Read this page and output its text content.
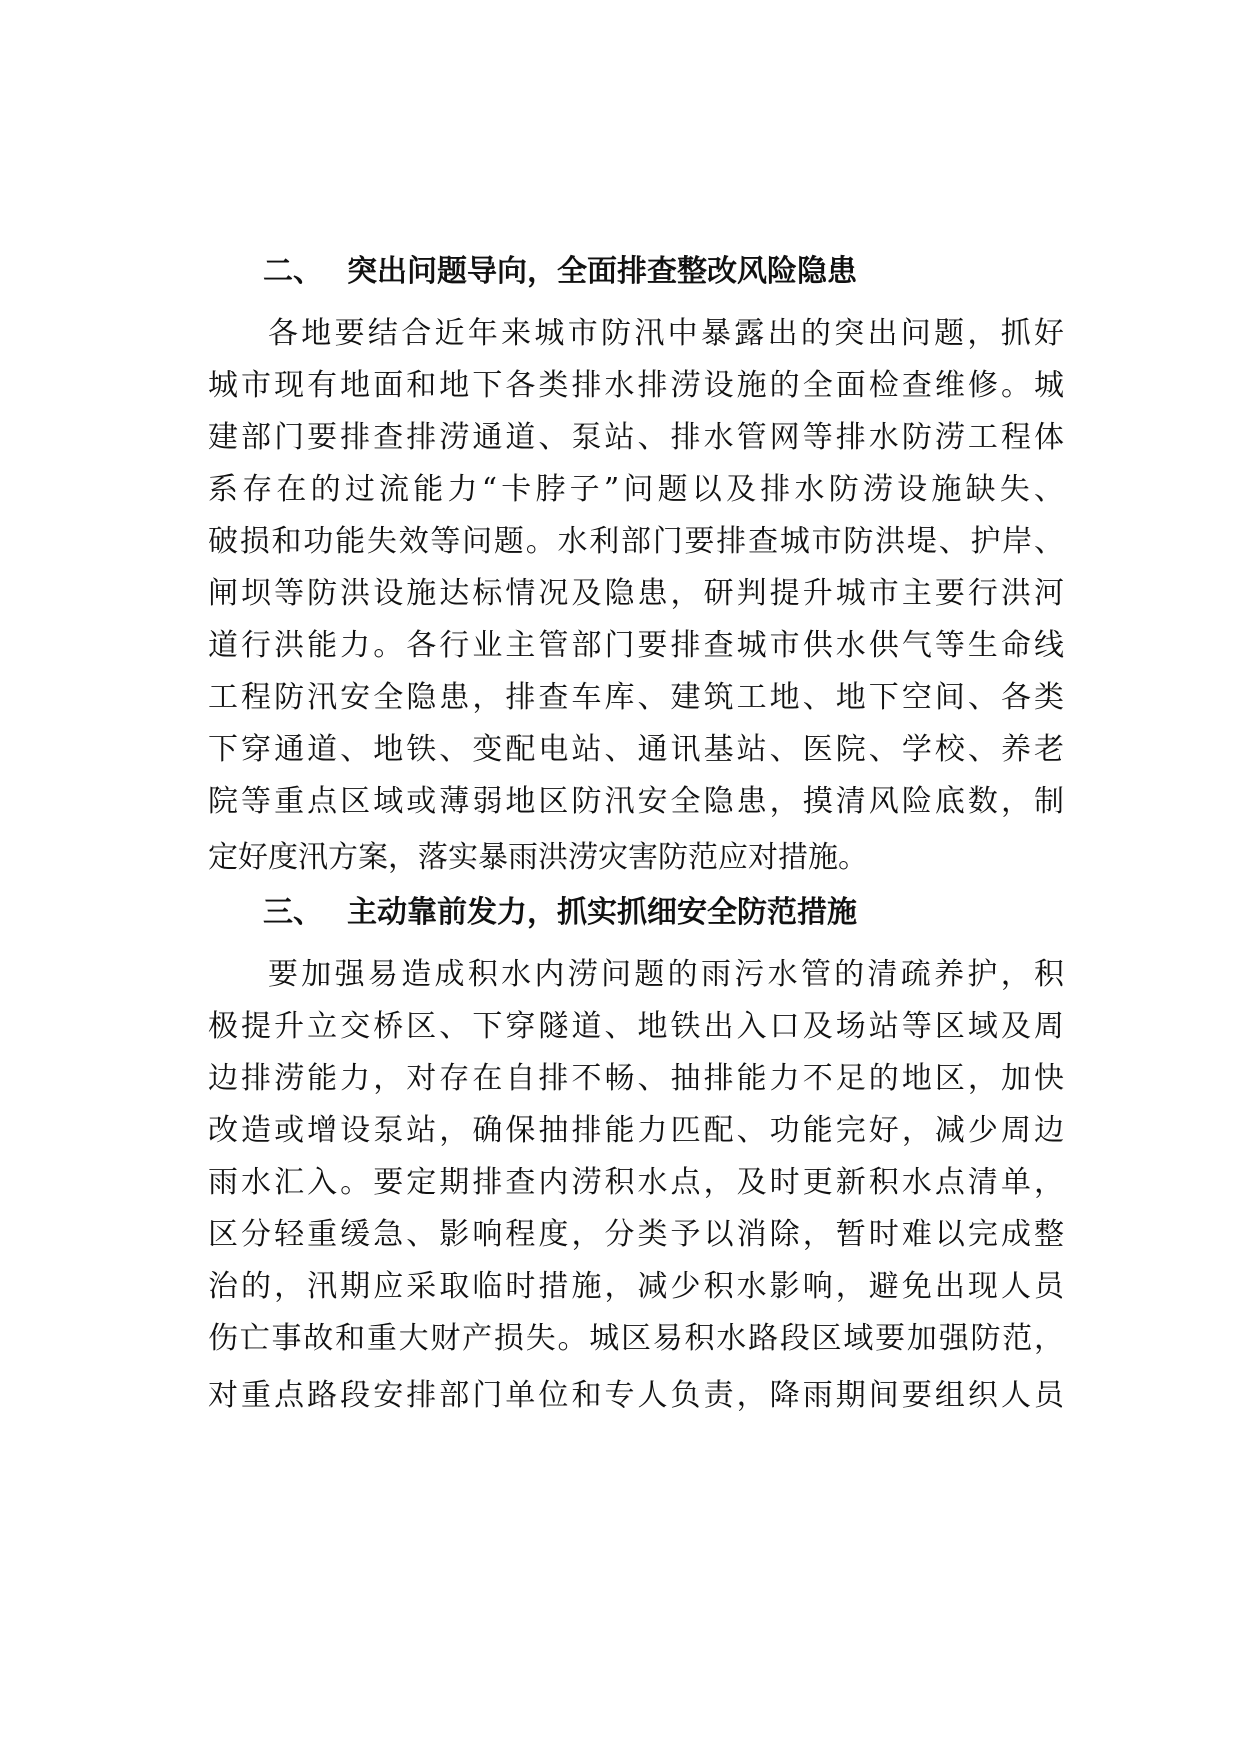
二、 突出问题导向，全面排查整改风险隐患

各地要结合近年来城市防汛中暴露出的突出问题，抓好

城市现有地面和地下各类排水排涝设施的全面检查维修。城

建部门要排查排涝通道、泵站、排水管网等排水防涝工程体

系存在的过流能力“卡脖子”问题以及排水防涝设施缺失、

破损和功能失效等问题。水利部门要排查城市防洪堤、护岸、

闸坝等防洪设施达标情况及隐患，研判提升城市主要行洪河

道行洪能力。各行业主管部门要排查城市供水供气等生命线

工程防汛安全隐患，排查车库、建筑工地、地下空间、各类

下穿通道、地铁、变配电站、通讯基站、医院、学校、养老

院等重点区域或薄弱地区防汛安全隐患，摸清风险底数，制

定好度汛方案，落实暴雨洪涝灾害防范应对措施。

三、 主动靠前发力，抓实抓细安全防范措施

要加强易造成积水内涝问题的雨污水管的清疏养护，积

极提升立交桥区、下穿隧道、地铁出入口及场站等区域及周

边排涝能力，对存在自排不畅、抽排能力不足的地区，加快

改造或增设泵站，确保抽排能力匹配、功能完好，减少周边

雨水汇入。要定期排查内涝积水点，及时更新积水点清单，

区分轻重缓急、影响程度，分类予以消除，暂时难以完成整

治的，汛期应采取临时措施，减少积水影响，避免出现人员

伤亡事故和重大财产损失。城区易积水路段区域要加强防范，

对重点路段安排部门单位和专人负责，降雨期间要组织人员
